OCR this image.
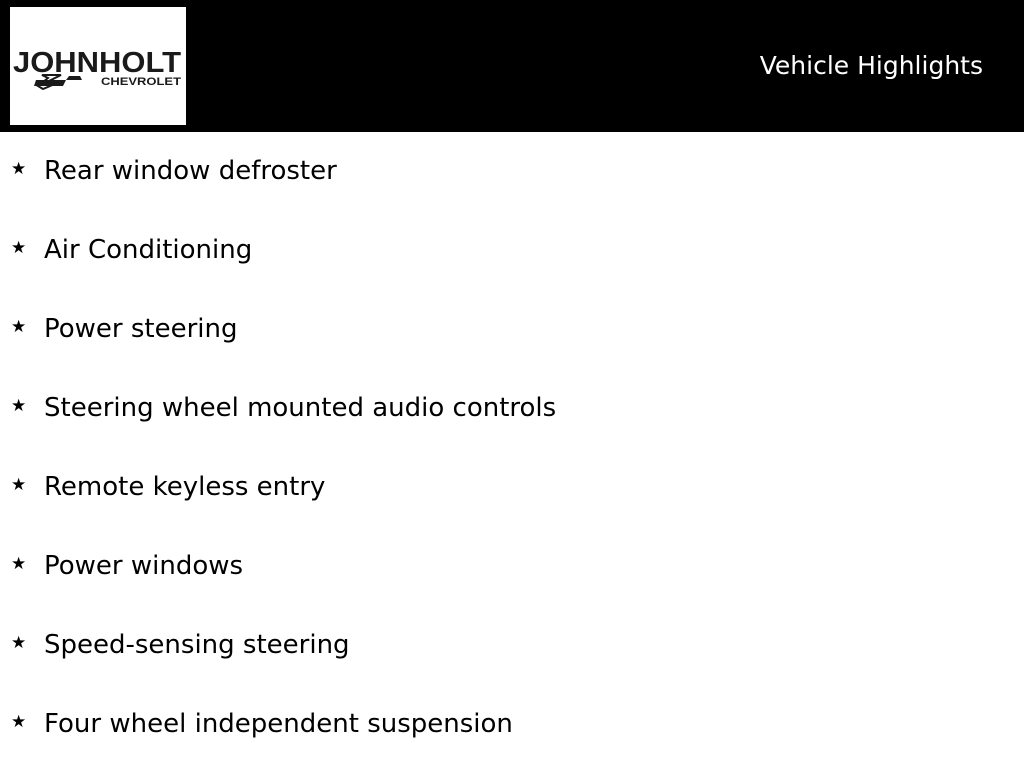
JOHNHOLT
CHEVROLET
Vehicle Highlights
★ Rear window defroster
★ Air Conditioning
★ Power steering
★ Steering wheel mounted audio controls
★ Remote keyless entry
★ Power windows
★ Speed-sensing steering
★ Four wheel independent suspension
